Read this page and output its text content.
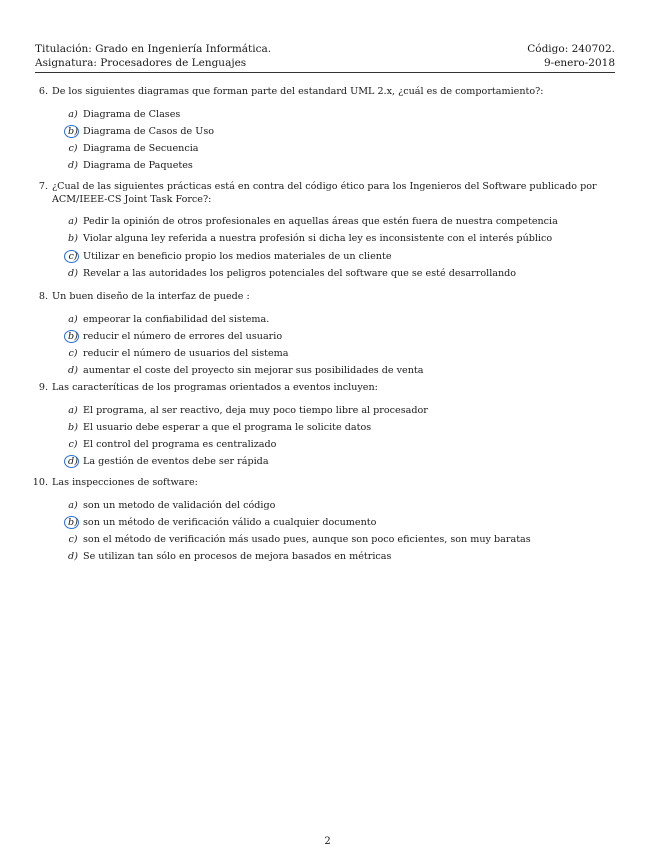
Titulación: Grado en Ingeniería Informática.
Asignatura: Procesadores de Lenguajes
Código: 240702.
9-enero-2018
6. De los siguientes diagramas que forman parte del estandard UML 2.x, ¿cuál es de comportamiento?:
a) Diagrama de Clases
b) Diagrama de Casos de Uso
c) Diagrama de Secuencia
d) Diagrama de Paquetes
7. ¿Cual de las siguientes prácticas está en contra del código ético para los Ingenieros del Software publicado por ACM/IEEE-CS Joint Task Force?:
a) Pedir la opinión de otros profesionales en aquellas áreas que estén fuera de nuestra competencia
b) Violar alguna ley referida a nuestra profesión si dicha ley es inconsistente con el interés público
c) Utilizar en beneficio propio los medios materiales de un cliente
d) Revelar a las autoridades los peligros potenciales del software que se esté desarrollando
8. Un buen diseño de la interfaz de puede :
a) empeorar la confiabilidad del sistema.
b) reducir el número de errores del usuario
c) reducir el número de usuarios del sistema
d) aumentar el coste del proyecto sin mejorar sus posibilidades de venta
9. Las caracteríticas de los programas orientados a eventos incluyen:
a) El programa, al ser reactivo, deja muy poco tiempo libre al procesador
b) El usuario debe esperar a que el programa le solicite datos
c) El control del programa es centralizado
d) La gestión de eventos debe ser rápida
10. Las inspecciones de software:
a) son un metodo de validación del código
b) son un método de verificación válido a cualquier documento
c) son el método de verificación más usado pues, aunque son poco eficientes, son muy baratas
d) Se utilizan tan sólo en procesos de mejora basados en métricas
2
